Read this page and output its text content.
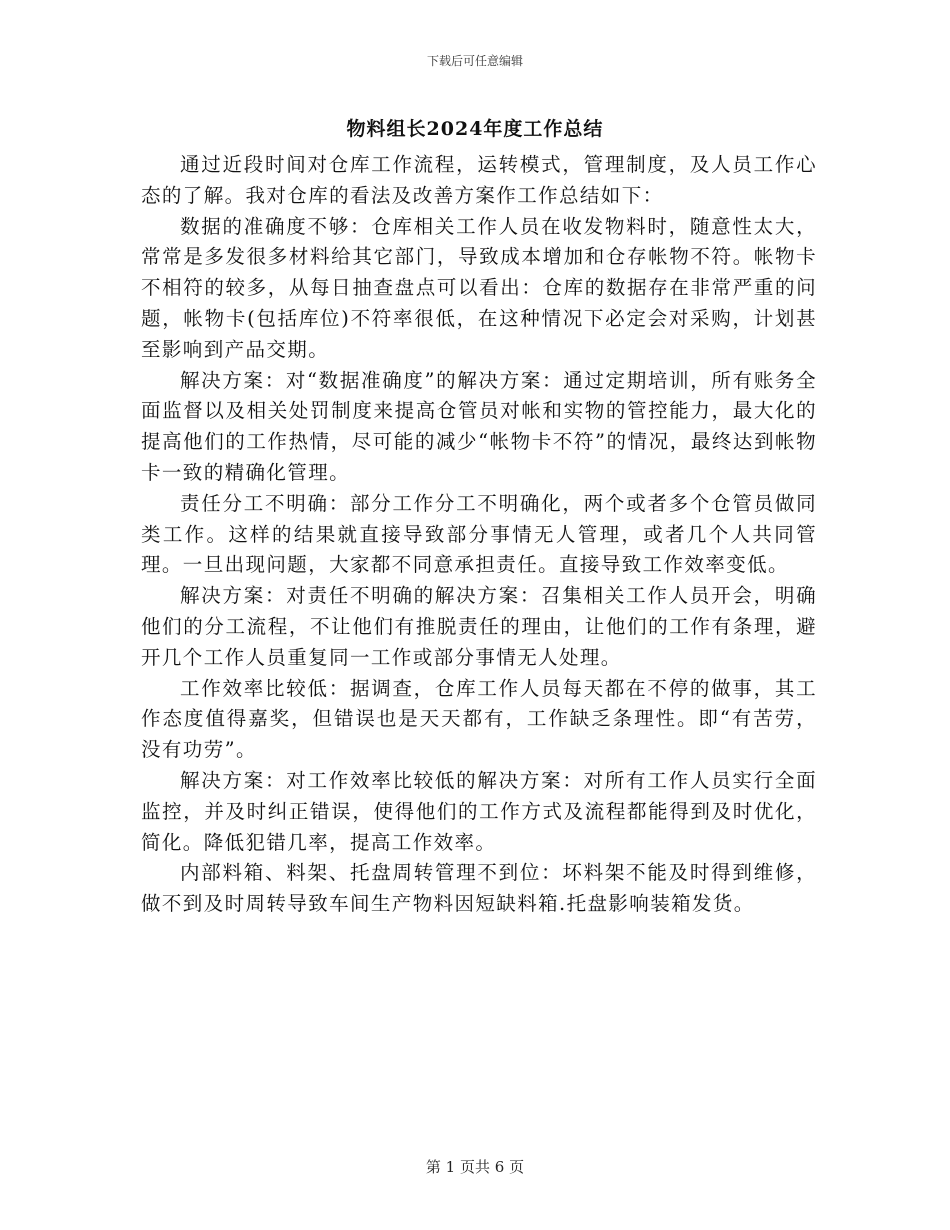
下载后可任意编辑
物料组长2024年度工作总结

通过近段时间对仓库工作流程，运转模式，管理制度，及人员工作心态的了解。我对仓库的看法及改善方案作工作总结如下：

数据的准确度不够：仓库相关工作人员在收发物料时，随意性太大，常常是多发很多材料给其它部门，导致成本增加和仓存帐物不符。帐物卡不相符的较多，从每日抽查盘点可以看出：仓库的数据存在非常严重的问题，帐物卡(包括库位)不符率很低，在这种情况下必定会对采购，计划甚至影响到产品交期。

解决方案：对“数据准确度”的解决方案：通过定期培训，所有账务全面监督以及相关处罚制度来提高仓管员对帐和实物的管控能力，最大化的提高他们的工作热情，尽可能的减少“帐物卡不符”的情况，最终达到帐物卡一致的精确化管理。

责任分工不明确：部分工作分工不明确化，两个或者多个仓管员做同类工作。这样的结果就直接导致部分事情无人管理，或者几个人共同管理。一旦出现问题，大家都不同意承担责任。直接导致工作效率变低。

解决方案：对责任不明确的解决方案：召集相关工作人员开会，明确他们的分工流程，不让他们有推脱责任的理由，让他们的工作有条理，避开几个工作人员重复同一工作或部分事情无人处理。

工作效率比较低：据调查，仓库工作人员每天都在不停的做事，其工作态度值得嘉奖，但错误也是天天都有，工作缺乏条理性。即“有苦劳，没有功劳”。

解决方案：对工作效率比较低的解决方案：对所有工作人员实行全面监控，并及时纠正错误，使得他们的工作方式及流程都能得到及时优化，简化。降低犯错几率，提高工作效率。

内部料箱、料架、托盘周转管理不到位：坏料架不能及时得到维修，做不到及时周转导致车间生产物料因短缺料箱.托盘影响装箱发货。

第 1 页共 6 页
